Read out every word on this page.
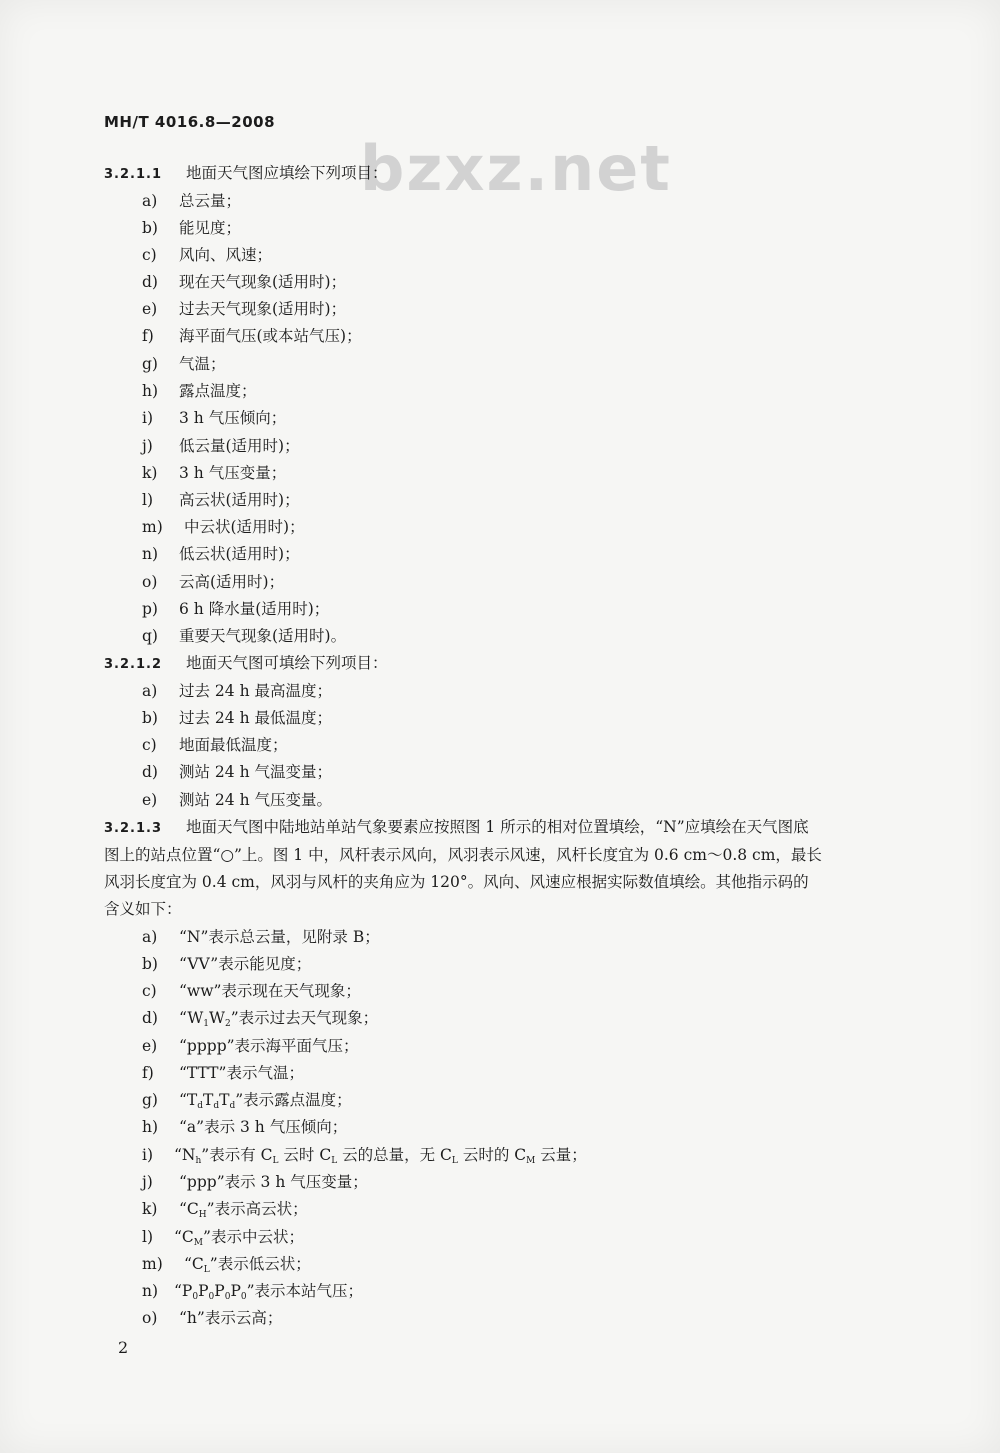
MH/T 4016.8—2008
bzxz.net
3.2.1.1 地面天气图应填绘下列项目：
a) 总云量；
b) 能见度；
c) 风向、风速；
d) 现在天气现象(适用时)；
e) 过去天气现象(适用时)；
f) 海平面气压(或本站气压)；
g) 气温；
h) 露点温度；
i) 3 h 气压倾向；
j) 低云量(适用时)；
k) 3 h 气压变量；
l) 高云状(适用时)；
m) 中云状(适用时)；
n) 低云状(适用时)；
o) 云高(适用时)；
p) 6 h 降水量(适用时)；
q) 重要天气现象(适用时)。
3.2.1.2 地面天气图可填绘下列项目：
a) 过去 24 h 最高温度；
b) 过去 24 h 最低温度；
c) 地面最低温度；
d) 测站 24 h 气温变量；
e) 测站 24 h 气压变量。
3.2.1.3 地面天气图中陆地站单站气象要素应按照图 1 所示的相对位置填绘，“N”应填绘在天气图底
图上的站点位置“○”上。图 1 中，风杆表示风向，风羽表示风速，风杆长度宜为 0.6 cm～0.8 cm，最长
风羽长度宜为 0.4 cm，风羽与风杆的夹角应为 120°。风向、风速应根据实际数值填绘。其他指示码的
含义如下：
a) “N”表示总云量，见附录 B；
b) “VV”表示能见度；
c) “ww”表示现在天气现象；
d) “$W_1W_2$”表示过去天气现象；
e) “pppp”表示海平面气压；
f) “TTT”表示气温；
g) “$T_dT_dT_d$”表示露点温度；
h) “a”表示 3 h 气压倾向；
i) “$N_h$”表示有 $C_L$ 云时 $C_L$ 云的总量，无 $C_L$ 云时的 $C_M$ 云量；
j) “ppp”表示 3 h 气压变量；
k) “$C_H$”表示高云状；
l) “$C_M$”表示中云状；
m) “$C_L$”表示低云状；
n) “$P_0P_0P_0P_0$”表示本站气压；
o) “h”表示云高；
2
